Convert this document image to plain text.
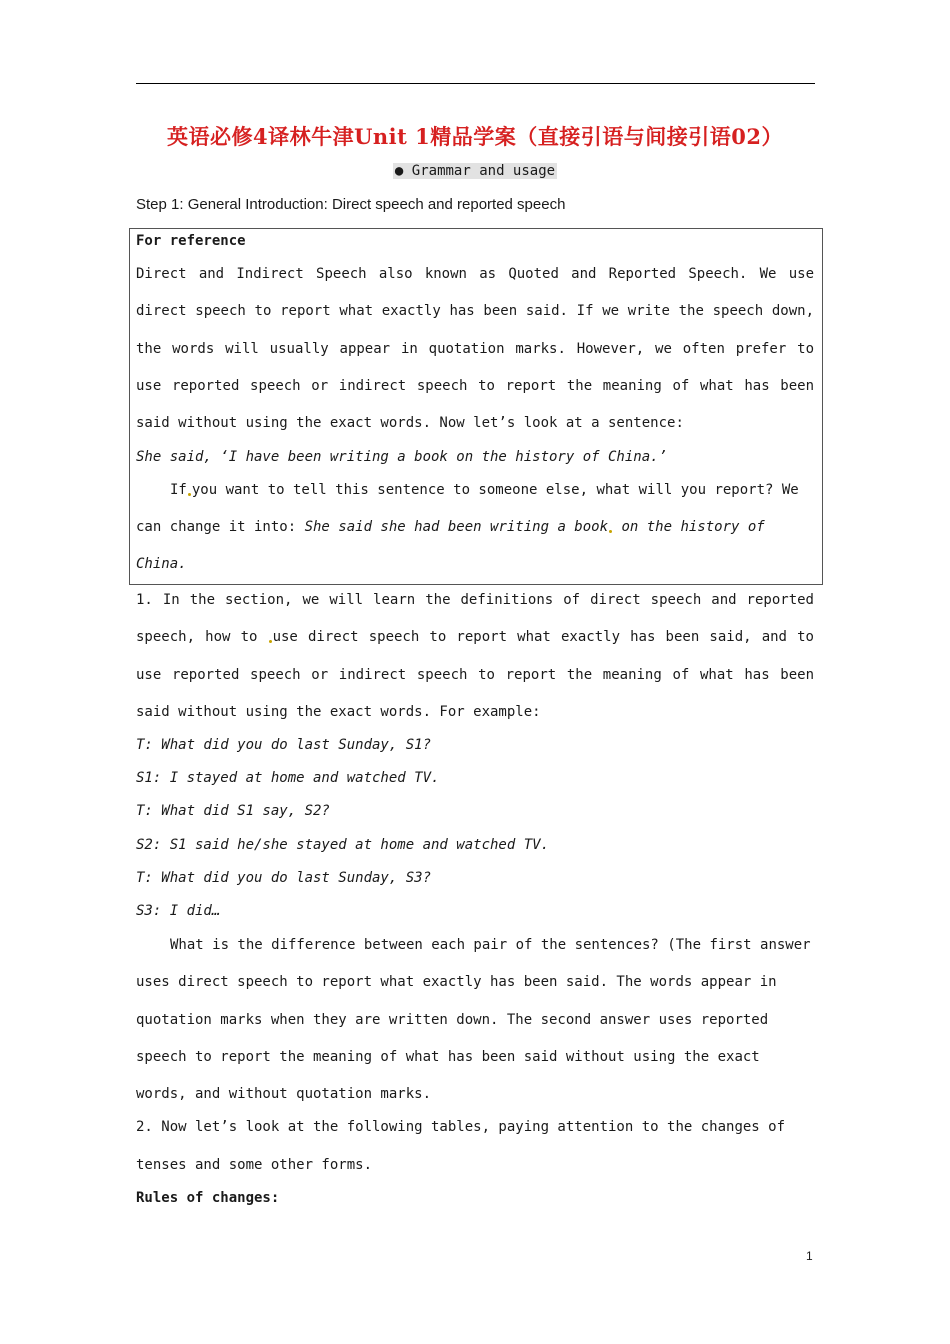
英语必修4译林牛津Unit 1精品学案（直接引语与间接引语02）
● Grammar and usage
Step 1: General Introduction: Direct speech and reported speech
For reference
Direct and Indirect Speech also known as Quoted and Reported Speech. We use
direct speech to report what exactly has been said. If we write the speech down,
the words will usually appear in quotation marks. However, we often prefer to
use reported speech or indirect speech to report the meaning of what has been
said without using the exact words. Now let’s look at a sentence:
She said, ‘I have been writing a book on the history of China.’
If you want to tell this sentence to someone else, what will you report? We
can change it into: She said she had been writing a book on the history of
China.
1. In the section, we will learn the definitions of direct speech and reported
speech, how to use direct speech to report what exactly has been said, and to
use reported speech or indirect speech to report the meaning of what has been
said without using the exact words. For example:
T: What did you do last Sunday, S1?
S1: I stayed at home and watched TV.
T: What did S1 say, S2?
S2: S1 said he/she stayed at home and watched TV.
T: What did you do last Sunday, S3?
S3: I did…
What is the difference between each pair of the sentences? (The first answer
uses direct speech to report what exactly has been said. The words appear in
quotation marks when they are written down. The second answer uses reported
speech to report the meaning of what has been said without using the exact
words, and without quotation marks.
2. Now let’s look at the following tables, paying attention to the changes of
tenses and some other forms.
Rules of changes:
1
